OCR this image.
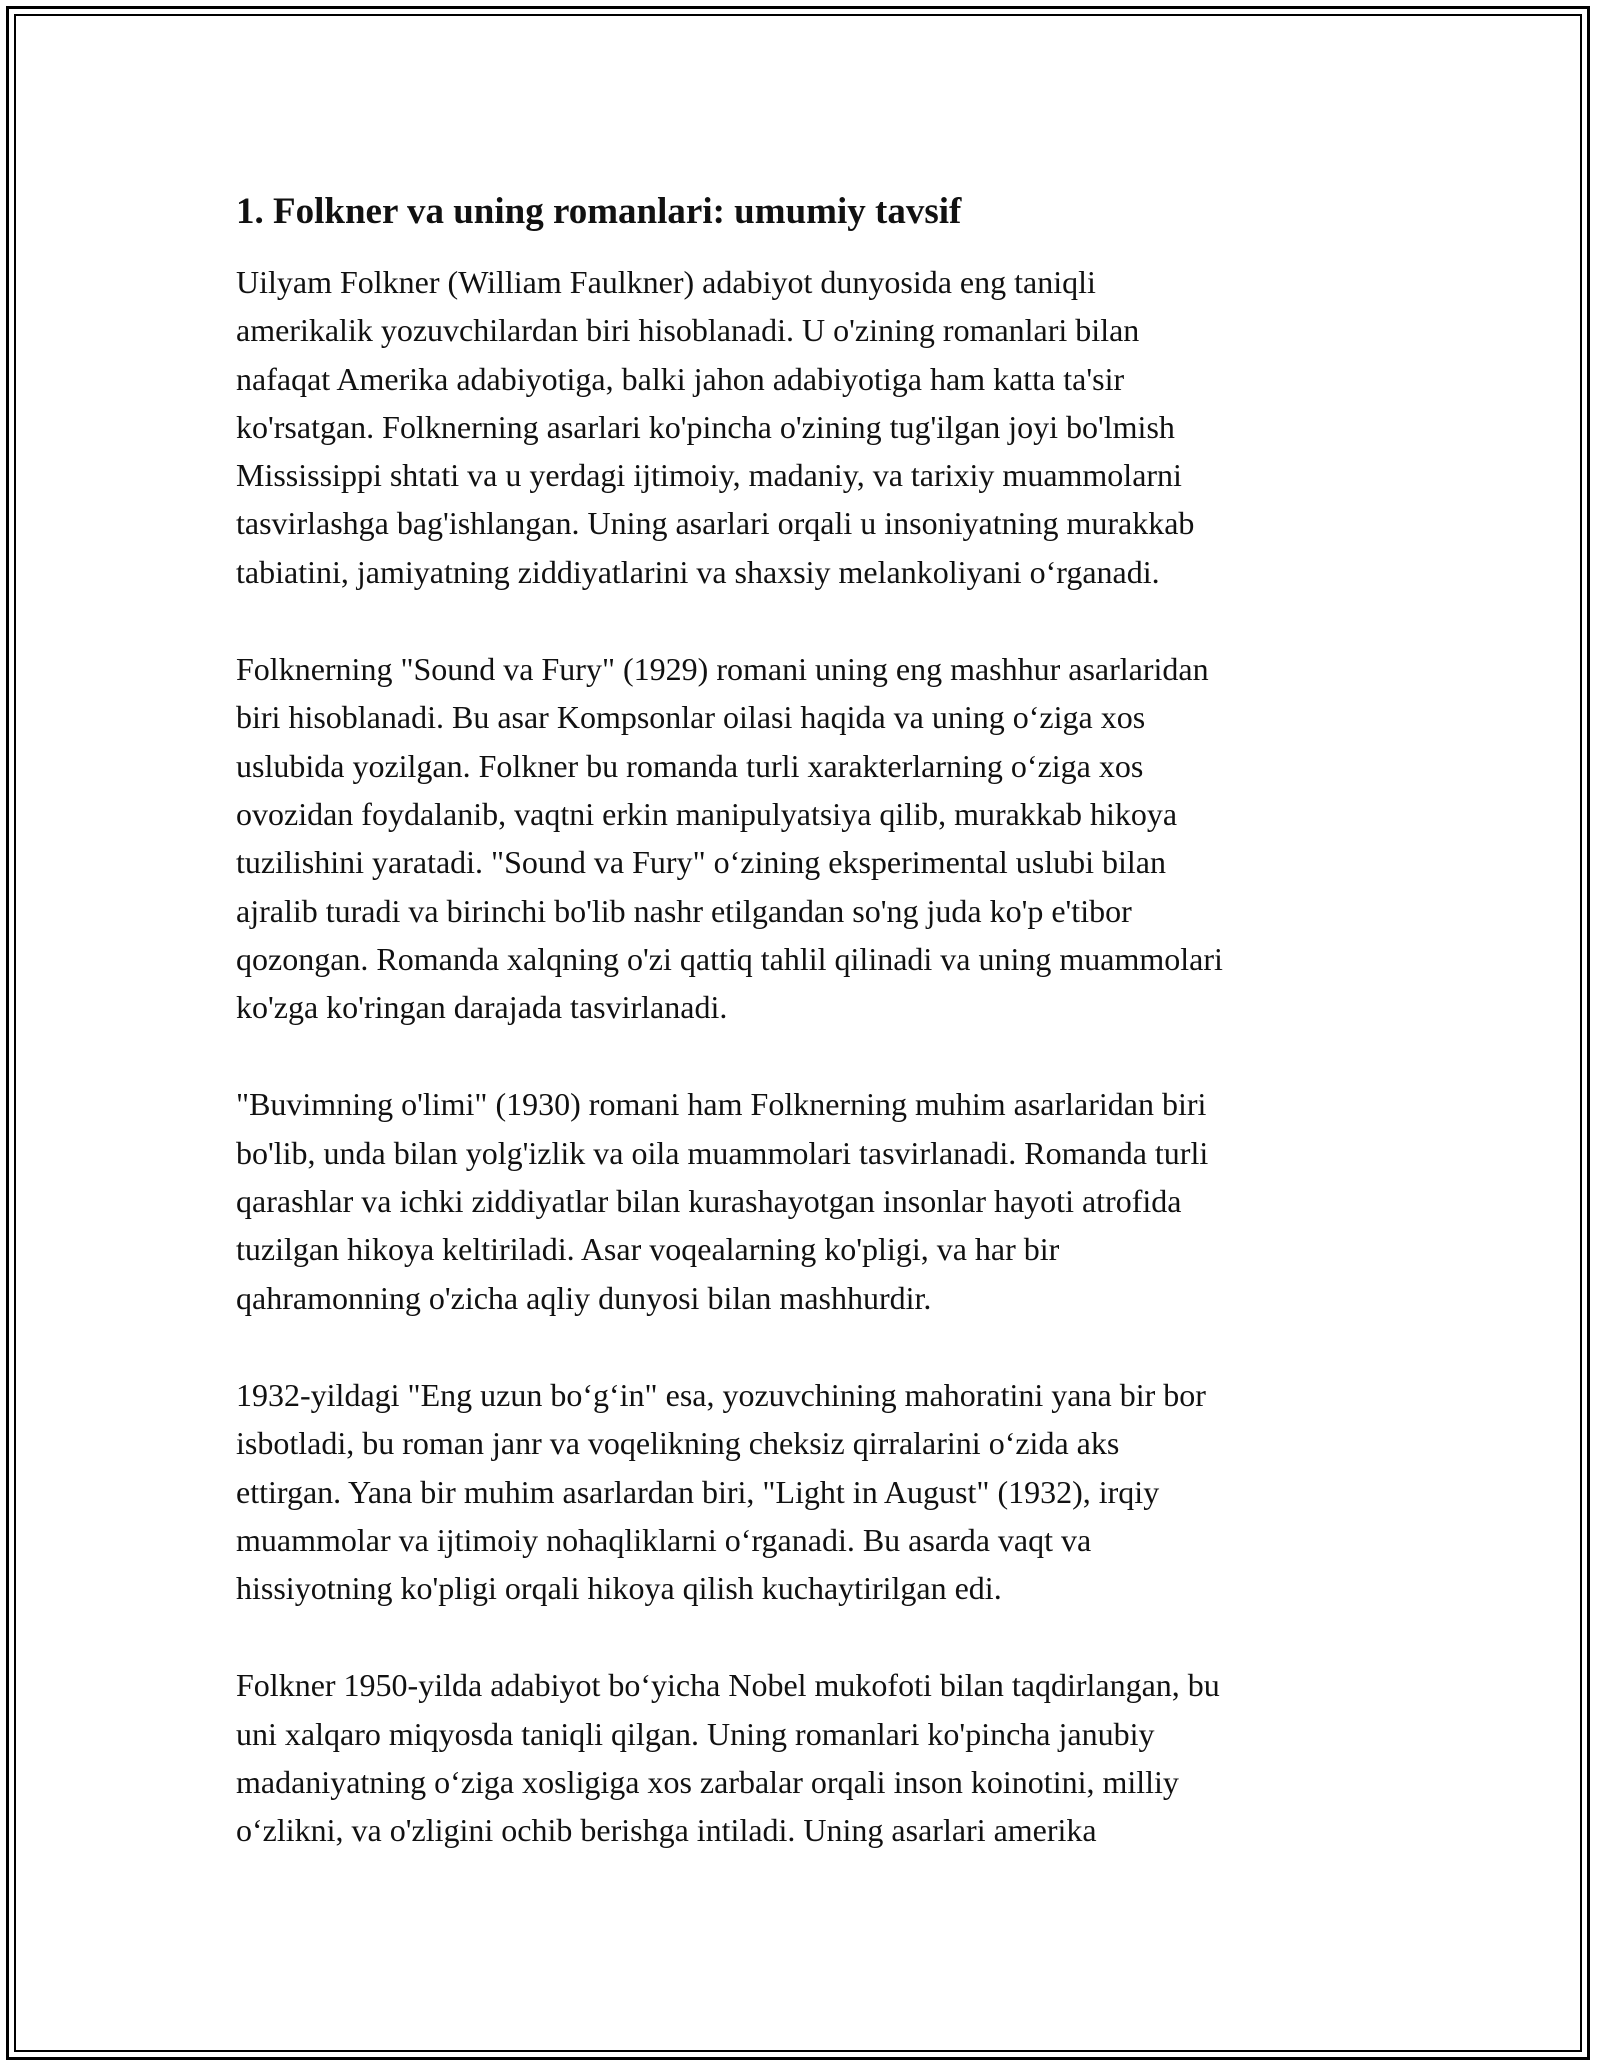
1. Folkner va uning romanlari: umumiy tavsif

Uilyam Folkner (William Faulkner) adabiyot dunyosida eng taniqli
amerikalik yozuvchilardan biri hisoblanadi. U o'zining romanlari bilan
nafaqat Amerika adabiyotiga, balki jahon adabiyotiga ham katta ta'sir
ko'rsatgan. Folknerning asarlari ko'pincha o'zining tug'ilgan joyi bo'lmish
Mississippi shtati va u yerdagi ijtimoiy, madaniy, va tarixiy muammolarni
tasvirlashga bag'ishlangan. Uning asarlari orqali u insoniyatning murakkab
tabiatini, jamiyatning ziddiyatlarini va shaxsiy melankoliyani o‘rganadi.

Folknerning "Sound va Fury" (1929) romani uning eng mashhur asarlaridan
biri hisoblanadi. Bu asar Kompsonlar oilasi haqida va uning o‘ziga xos
uslubida yozilgan. Folkner bu romanda turli xarakterlarning o‘ziga xos
ovozidan foydalanib, vaqtni erkin manipulyatsiya qilib, murakkab hikoya
tuzilishini yaratadi. "Sound va Fury" o‘zining eksperimental uslubi bilan
ajralib turadi va birinchi bo'lib nashr etilgandan so'ng juda ko'p e'tibor
qozongan. Romanda xalqning o'zi qattiq tahlil qilinadi va uning muammolari
ko'zga ko'ringan darajada tasvirlanadi.

"Buvimning o'limi" (1930) romani ham Folknerning muhim asarlaridan biri
bo'lib, unda bilan yolg'izlik va oila muammolari tasvirlanadi. Romanda turli
qarashlar va ichki ziddiyatlar bilan kurashayotgan insonlar hayoti atrofida
tuzilgan hikoya keltiriladi. Asar voqealarning ko'pligi, va har bir
qahramonning o'zicha aqliy dunyosi bilan mashhurdir.

1932-yildagi "Eng uzun bo‘g‘in" esa, yozuvchining mahoratini yana bir bor
isbotladi, bu roman janr va voqelikning cheksiz qirralarini o‘zida aks
ettirgan. Yana bir muhim asarlardan biri, "Light in August" (1932), irqiy
muammolar va ijtimoiy nohaqliklarni o‘rganadi. Bu asarda vaqt va
hissiyotning ko'pligi orqali hikoya qilish kuchaytirilgan edi.

Folkner 1950-yilda adabiyot bo‘yicha Nobel mukofoti bilan taqdirlangan, bu
uni xalqaro miqyosda taniqli qilgan. Uning romanlari ko'pincha janubiy
madaniyatning o‘ziga xosligiga xos zarbalar orqali inson koinotini, milliy
o‘zlikni, va o'zligini ochib berishga intiladi. Uning asarlari amerika
